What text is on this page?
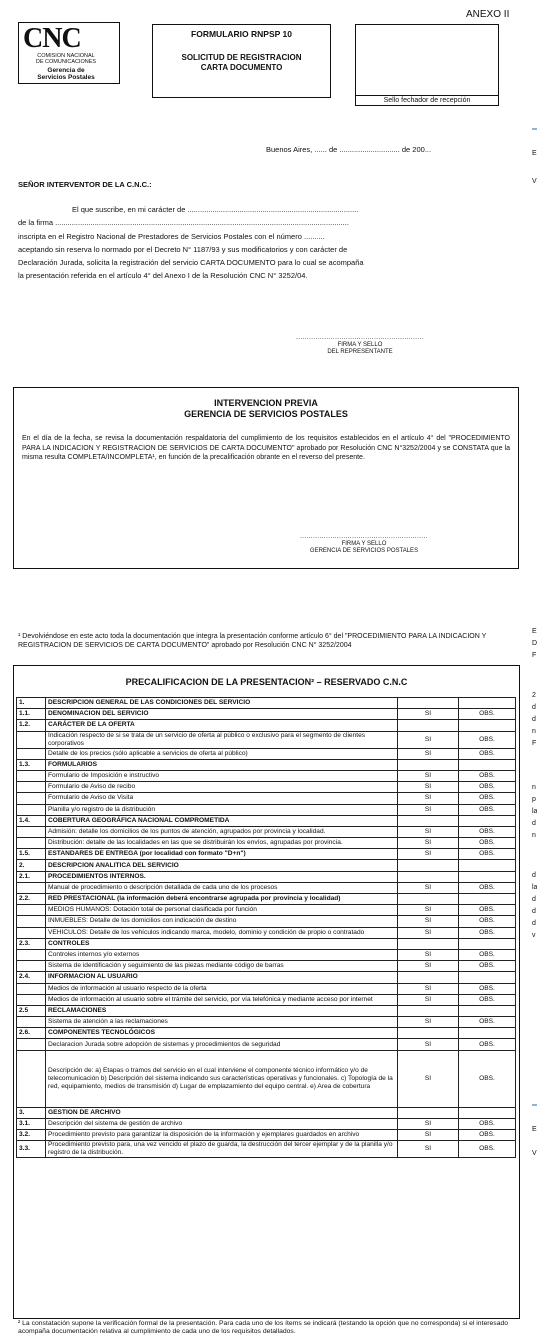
ANEXO II
CNC
COMISION NACIONAL
DE COMUNICACIONES
Gerencia de
Servicios Postales
FORMULARIO RNPSP 10
SOLICITUD DE REGISTRACION
CARTA DOCUMENTO
Sello fechador de recepción
Buenos Aires, ...... de ............................. de 200...
SEÑOR INTERVENTOR DE LA C.N.C.:
El que suscribe, en mi carácter de ..................................................................................
de la firma .............................................................................................................................................
inscripta en el Registro Nacional de Prestadores de Servicios Postales con el número ..........
aceptando sin reserva lo normado por el Decreto N° 1187/93 y sus modificatorios y con carácter de
Declaración Jurada, solicita la registración del servicio CARTA DOCUMENTO para lo cual se acompaña
la presentación referida en el artículo 4° del Anexo I de la Resolución CNC N° 3252/04.
...........................................................
FIRMA Y SELLO
DEL REPRESENTANTE
INTERVENCION PREVIA
GERENCIA DE SERVICIOS POSTALES
En el día de la fecha, se revisa la documentación respaldatoria del cumplimiento de los requisitos establecidos en el artículo 4° del "PROCEDIMIENTO PARA LA INDICACION Y REGISTRACION DE SERVICIOS DE CARTA DOCUMENTO" aprobado por Resolución CNC N°3252/2004 y se CONSTATA que la misma resulta COMPLETA/INCOMPLETA¹, en función de la precalificación obrante en el reverso del presente.
...........................................................
FIRMA Y SELLO
GERENCIA DE SERVICIOS POSTALES
¹ Devolviéndose en este acto toda la documentación que integra la presentación conforme artículo 6° del "PROCEDIMIENTO PARA LA INDICACION Y REGISTRACION DE SERVICIOS DE CARTA DOCUMENTO" aprobado por Resolución CNC N° 3252/2004
PRECALIFICACION DE LA PRESENTACION² – RESERVADO C.N.C
1.	DESCRIPCION GENERAL DE LAS CONDICIONES DEL SERVICIO		
1.1.	DENOMINACION DEL SERVICIO	SI	OBS.
1.2.	CARÁCTER DE LA OFERTA		
	Indicación respecto de si se trata de un servicio de oferta al público o exclusivo para el segmento de clientes corporativos	SI	OBS.
	Detalle de los precios (sólo aplicable a servicios de oferta al público)	SI	OBS.
1.3.	FORMULARIOS		
	Formulario de Imposición e instructivo	SI	OBS.
	Formulario de Aviso de recibo	SI	OBS.
	Formulario de Aviso de Visita	SI	OBS.
	Planilla y/o registro de la distribución	SI	OBS.
1.4.	COBERTURA GEOGRÁFICA NACIONAL COMPROMETIDA		
	Admisión: detalle los domicilios de los puntos de atención, agrupados por provincia y localidad.	SI	OBS.
	Distribución: detalle de las localidades en las que se distribuirán los envíos, agrupadas por provincia.	SI	OBS.
1.5.	ESTANDARES DE ENTREGA (por localidad con formato "D+n")	SI	OBS.
2.	DESCRIPCION ANALITICA DEL SERVICIO		
2.1.	PROCEDIMIENTOS INTERNOS.		
	Manual de procedimiento o descripción detallada de cada uno de los procesos	SI	OBS.
2.2.	RED PRESTACIONAL (la información deberá encontrarse agrupada por provincia y localidad)		
	MEDIOS HUMANOS: Dotación total de personal clasificada por función	SI	OBS.
	INMUEBLES: Detalle de los domicilios con indicación de destino	SI	OBS.
	VEHICULOS: Detalle de los vehículos indicando marca, modelo, dominio y condición de propio o contratado	SI	OBS.
2.3.	CONTROLES		
	Controles internos y/o externos	SI	OBS.
	Sistema de identificación y seguimiento de las piezas mediante código de barras	SI	OBS.
2.4.	INFORMACION AL USUARIO		
	Medios de información al usuario respecto de la oferta	SI	OBS.
	Medios de información al usuario sobre el trámite del servicio, por vía telefónica y mediante acceso por internet	SI	OBS.
2.5	RECLAMACIONES		
	Sistema de atención a las reclamaciones	SI	OBS.
2.6.	COMPONENTES TECNOLÓGICOS		
	Declaracion Jurada sobre adopción de sistemas y procedimientos de seguridad	SI	OBS.
	Descripción de: a) Etapas o tramos del servicio en el cual interviene el componente técnico informático y/o de telecomunicación b) Descripción del sistema indicando sus características operativas y funcionales. c) Topología de la red, equipamiento, medios de transmisión d) Lugar de emplazamiento del equipo central. e) Area de cobertura	SI	OBS.
3.	GESTION DE ARCHIVO		
3.1.	Descripción del sistema de gestión de archivo	SI	OBS.
3.2.	Procedimiento previsto para garantizar la disposición de la información y ejemplares guardados en archivo	SI	OBS.
3.3.	Procedimiento previsto para, una vez vencido el plazo de guarda, la destrucción del tercer ejemplar y de la planilla y/o registro de la distribución.	SI	OBS.
² La constatación supone la verificación formal de la presentación. Para cada uno de los ítems se indicará (testando la opción que no corresponda) si el interesado acompaña documentación relativa al cumplimiento de cada uno de los requisitos detallados.
E
V
E
D
F
2
d
d
n
F
n
p
la
d
n
d
la
d
d
d
v
E
V
